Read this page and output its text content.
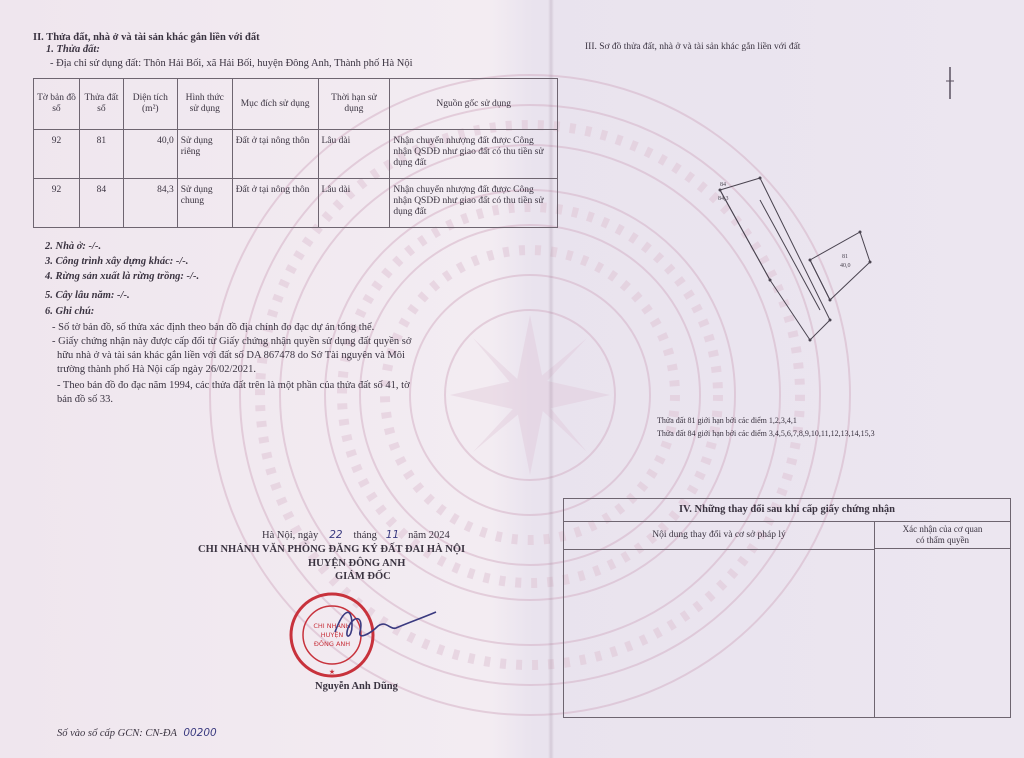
II. Thửa đất, nhà ở và tài sản khác gắn liền với đất
1. Thửa đất:
- Địa chỉ sử dụng đất: Thôn Hải Bối, xã Hải Bối, huyện Đông Anh, Thành phố Hà Nội
Tờ bản đồ số	Thửa đất số	Diện tích (m²)	Hình thức sử dụng	Mục đích sử dụng	Thời hạn sử dụng	Nguồn gốc sử dụng
92	81	40,0	Sử dụng riêng	Đất ở tại nông thôn	Lâu dài	Nhận chuyển nhượng đất được Công nhận QSDĐ như giao đất có thu tiền sử dụng đất
92	84	84,3	Sử dụng chung	Đất ở tại nông thôn	Lâu dài	Nhận chuyển nhượng đất được Công nhận QSDĐ như giao đất có thu tiền sử dụng đất
2. Nhà ở: -/-.
3. Công trình xây dựng khác: -/-.
4. Rừng sản xuất là rừng trồng: -/-.
5. Cây lâu năm: -/-.
6. Ghi chú:
- Số tờ bản đồ, số thửa xác định theo bản đồ địa chính đo đạc dự án tổng thể.
- Giấy chứng nhận này được cấp đổi từ Giấy chứng nhận quyền sử dụng đất quyền sở
hữu nhà ở và tài sản khác gắn liền với đất số DA 867478 do Sở Tài nguyên và Môi
trường thành phố Hà Nội cấp ngày 26/02/2021.
- Theo bản đồ đo đạc năm 1994, các thửa đất trên là một phần của thửa đất số 41, tờ
bản đồ số 33.
Hà Nội, ngày 22 tháng 11 năm 2024
CHI NHÁNH VĂN PHÒNG ĐĂNG KÝ ĐẤT ĐAI HÀ NỘI
HUYỆN ĐÔNG ANH
GIÁM ĐỐC
CHI NHÁNH
HUYỆN
ĐÔNG ANH
★
Nguyễn Anh Dũng
Số vào sổ cấp GCN: CN-ĐA 00200
III. Sơ đồ thửa đất, nhà ở và tài sản khác gắn liền với đất
84
84,3
81
40,0
Thửa đất 81 giới hạn bởi các điểm 1,2,3,4,1
Thửa đất 84 giới hạn bởi các điểm 3,4,5,6,7,8,9,10,11,12,13,14,15,3
IV. Những thay đổi sau khi cấp giấy chứng nhận
Nội dung thay đổi và cơ sở pháp lý
Xác nhận của cơ quan
có thẩm quyền
